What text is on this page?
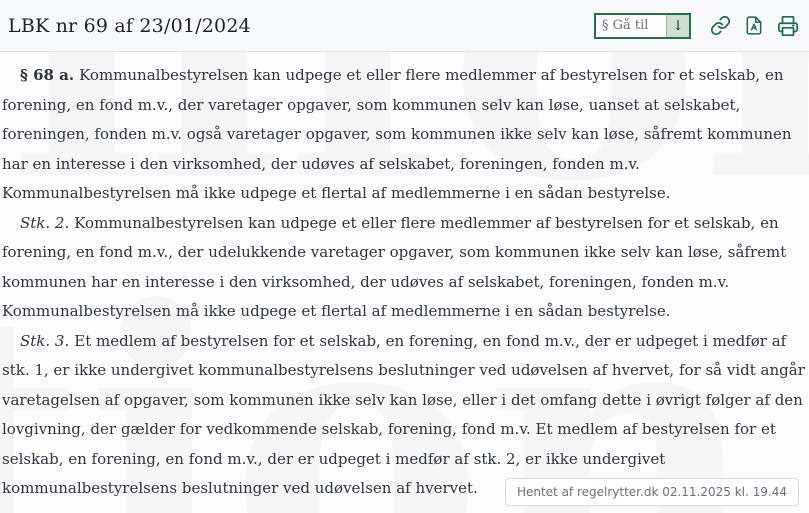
LBK nr 69 af 23/01/2024
§ Gå til	↓

§ 68 a. Kommunalbestyrelsen kan udpege et eller flere medlemmer af bestyrelsen for et selskab, en forening, en fond m.v., der varetager opgaver, som kommunen selv kan løse, uanset at selskabet, foreningen, fonden m.v. også varetager opgaver, som kommunen ikke selv kan løse, såfremt kommunen har en interesse i den virksomhed, der udøves af selskabet, foreningen, fonden m.v. Kommunalbestyrelsen må ikke udpege et flertal af medlemmerne i en sådan bestyrelse.

Stk. 2. Kommunalbestyrelsen kan udpege et eller flere medlemmer af bestyrelsen for et selskab, en forening, en fond m.v., der udelukkende varetager opgaver, som kommunen ikke selv kan løse, såfremt kommunen har en interesse i den virksomhed, der udøves af selskabet, foreningen, fonden m.v. Kommunalbestyrelsen må ikke udpege et flertal af medlemmerne i en sådan bestyrelse.

Stk. 3. Et medlem af bestyrelsen for et selskab, en forening, en fond m.v., der er udpeget i medfør af stk. 1, er ikke undergivet kommunalbestyrelsens beslutninger ved udøvelsen af hvervet, for så vidt angår varetagelsen af opgaver, som kommunen ikke selv kan løse, eller i det omfang dette i øvrigt følger af den lovgivning, der gælder for vedkommende selskab, forening, fond m.v. Et medlem af bestyrelsen for et selskab, en forening, en fond m.v., der er udpeget i medfør af stk. 2, er ikke undergivet kommunalbestyrelsens beslutninger ved udøvelsen af hvervet.	Hentet af regelrytter.dk 02.11.2025 kl. 19.44
